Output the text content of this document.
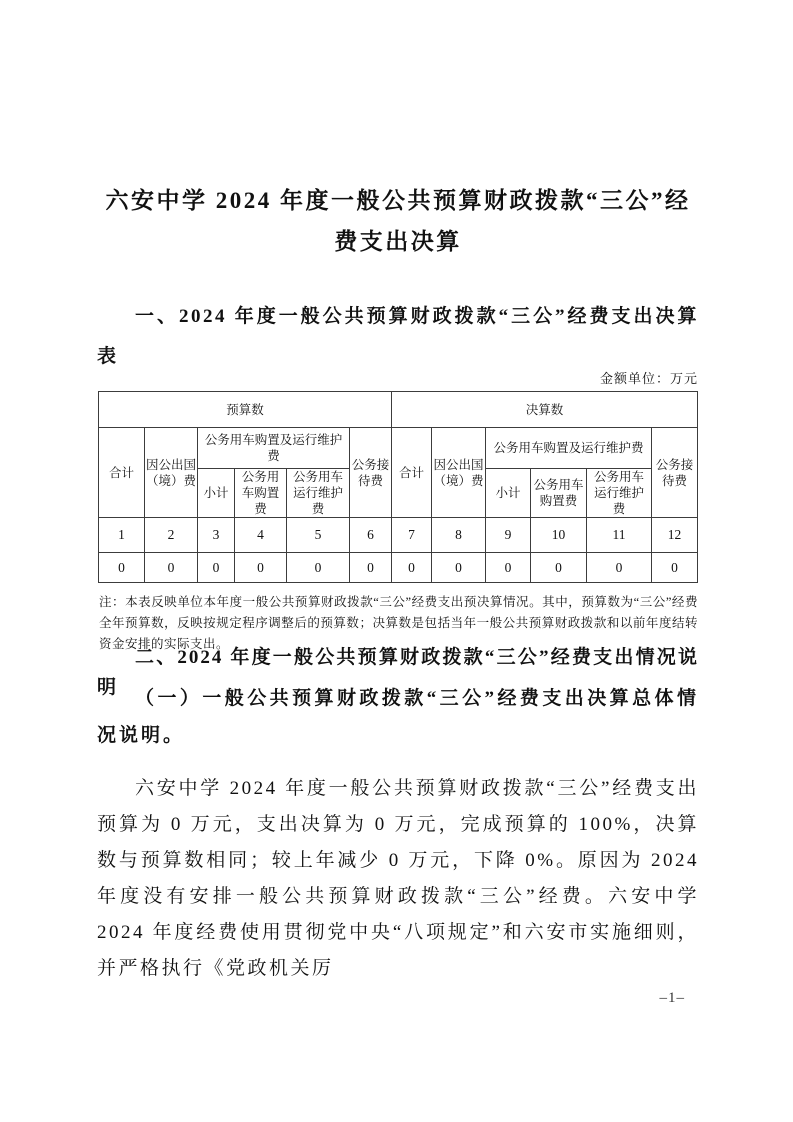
六安中学 2024 年度一般公共预算财政拨款“三公”经费支出决算
一、2024 年度一般公共预算财政拨款“三公”经费支出决算表
金额单位：万元
预算数						决算数					
合计	因公出国（境）费	公务用车购置及运行维护费			公务接待费	合计	因公出国（境）费	公务用车购置及运行维护费			公务接待费
		小计	公务用车购置费	公务用车运行维护费				小计	公务用车购置费	公务用车运行维护费	
1	2	3	4	5	6	7	8	9	10	11	12
0	0	0	0	0	0	0	0	0	0	0	0

注：本表反映单位本年度一般公共预算财政拨款“三公”经费支出预决算情况。其中，预算数为“三公”经费全年预算数，反映按规定程序调整后的预算数；决算数是包括当年一般公共预算财政拨款和以前年度结转资金安排的实际支出。

二、2024 年度一般公共预算财政拨款“三公”经费支出情况说明
（一）一般公共预算财政拨款“三公”经费支出决算总体情况说明。

六安中学 2024 年度一般公共预算财政拨款“三公”经费支出预算为 0 万元，支出决算为 0 万元，完成预算的 100%，决算数与预算数相同；较上年减少 0 万元，下降 0%。原因为 2024 年度没有安排一般公共预算财政拨款“三公”经费。六安中学 2024 年度经费使用贯彻党中央“八项规定”和六安市实施细则，并严格执行《党政机关厉

–1–
